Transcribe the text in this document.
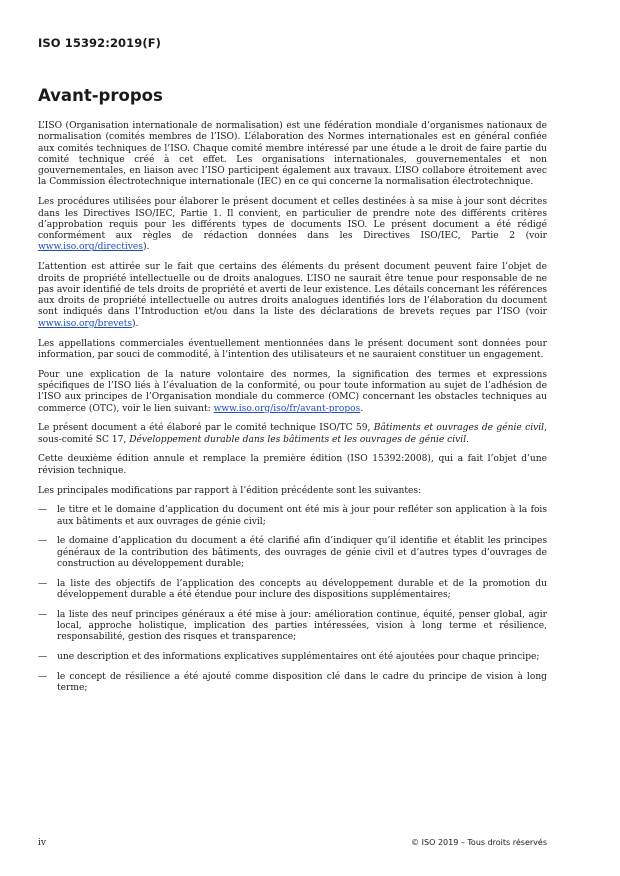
ISO 15392:2019(F)
Avant-propos

L’ISO (Organisation internationale de normalisation) est une fédération mondiale d’organismes nationaux de normalisation (comités membres de l’ISO). L’élaboration des Normes internationales est en général confiée aux comités techniques de l’ISO. Chaque comité membre intéressé par une étude a le droit de faire partie du comité technique créé à cet effet. Les organisations internationales, gouvernementales et non gouvernementales, en liaison avec l’ISO participent également aux travaux. L’ISO collabore étroitement avec la Commission électrotechnique internationale (IEC) en ce qui concerne la normalisation électrotechnique.

Les procédures utilisées pour élaborer le présent document et celles destinées à sa mise à jour sont décrites dans les Directives ISO/IEC, Partie 1. Il convient, en particulier de prendre note des différents critères d’approbation requis pour les différents types de documents ISO. Le présent document a été rédigé conformément aux règles de rédaction données dans les Directives ISO/IEC, Partie 2 (voir www.iso.org/directives).

L’attention est attirée sur le fait que certains des éléments du présent document peuvent faire l’objet de droits de propriété intellectuelle ou de droits analogues. L’ISO ne saurait être tenue pour responsable de ne pas avoir identifié de tels droits de propriété et averti de leur existence. Les détails concernant les références aux droits de propriété intellectuelle ou autres droits analogues identifiés lors de l’élaboration du document sont indiqués dans l’Introduction et/ou dans la liste des déclarations de brevets reçues par l’ISO (voir www.iso.org/brevets).

Les appellations commerciales éventuellement mentionnées dans le présent document sont données pour information, par souci de commodité, à l’intention des utilisateurs et ne sauraient constituer un engagement.

Pour une explication de la nature volontaire des normes, la signification des termes et expressions spécifiques de l’ISO liés à l’évaluation de la conformité, ou pour toute information au sujet de l’adhésion de l’ISO aux principes de l’Organisation mondiale du commerce (OMC) concernant les obstacles techniques au commerce (OTC), voir le lien suivant: www.iso.org/iso/fr/avant-propos.

Le présent document a été élaboré par le comité technique ISO/TC 59, Bâtiments et ouvrages de génie civil, sous-comité SC 17, Développement durable dans les bâtiments et les ouvrages de génie civil.

Cette deuxième édition annule et remplace la première édition (ISO 15392:2008), qui a fait l’objet d’une révision technique.

Les principales modifications par rapport à l’édition précédente sont les suivantes:

— le titre et le domaine d’application du document ont été mis à jour pour refléter son application à la fois aux bâtiments et aux ouvrages de génie civil;
— le domaine d’application du document a été clarifié afin d’indiquer qu’il identifie et établit les principes généraux de la contribution des bâtiments, des ouvrages de génie civil et d’autres types d’ouvrages de construction au développement durable;
— la liste des objectifs de l’application des concepts au développement durable et de la promotion du développement durable a été étendue pour inclure des dispositions supplémentaires;
— la liste des neuf principes généraux a été mise à jour: amélioration continue, équité, penser global, agir local, approche holistique, implication des parties intéressées, vision à long terme et résilience, responsabilité, gestion des risques et transparence;
— une description et des informations explicatives supplémentaires ont été ajoutées pour chaque principe;
— le concept de résilience a été ajouté comme disposition clé dans le cadre du principe de vision à long terme;
iv	© ISO 2019 – Tous droits réservés
